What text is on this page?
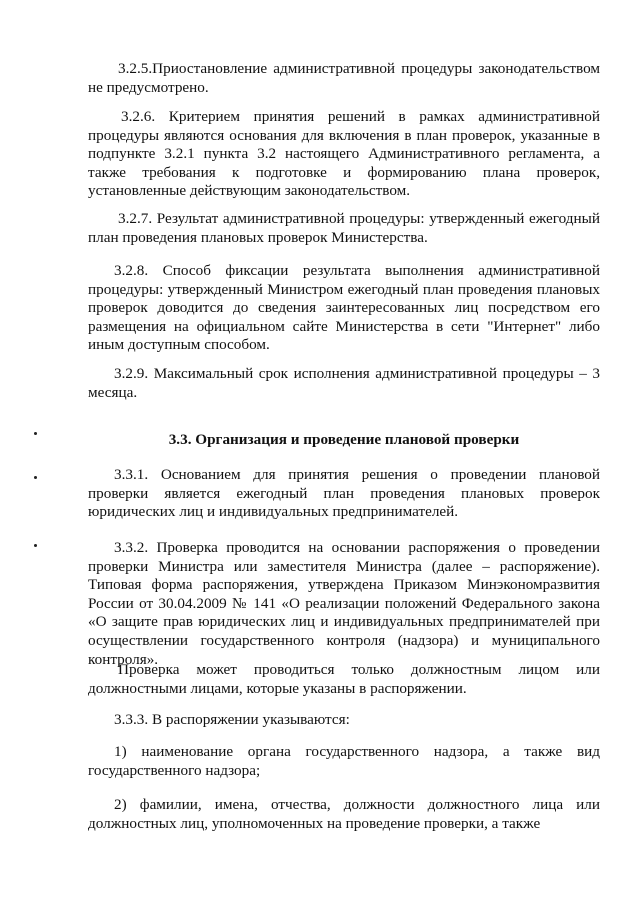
3.2.5.Приостановление административной процедуры законодательством не предусмотрено.

3.2.6. Критерием принятия решений в рамках административной процедуры являются основания для включения в план проверок, указанные в подпункте 3.2.1 пункта 3.2 настоящего Административного регламента, а также требования к подготовке и формированию плана проверок, установленные действующим законодательством.

3.2.7. Результат административной процедуры: утвержденный ежегодный план проведения плановых проверок Министерства.

3.2.8. Способ фиксации результата выполнения административной процедуры: утвержденный Министром ежегодный план проведения плановых проверок доводится до сведения заинтересованных лиц посредством его размещения на официальном сайте Министерства в сети "Интернет" либо иным доступным способом.

3.2.9. Максимальный срок исполнения административной процедуры – 3 месяца.

3.3. Организация и проведение плановой проверки

3.3.1. Основанием для принятия решения о проведении плановой проверки является ежегодный план проведения плановых проверок юридических лиц и индивидуальных предпринимателей.

3.3.2. Проверка проводится на основании распоряжения о проведении проверки Министра или заместителя Министра (далее – распоряжение). Типовая форма распоряжения, утверждена Приказом Минэкономразвития России от 30.04.2009 № 141 «О реализации положений Федерального закона «О защите прав юридических лиц и индивидуальных предпринимателей при осуществлении государственного контроля (надзора) и муниципального контроля».

Проверка может проводиться только должностным лицом или должностными лицами, которые указаны в распоряжении.

3.3.3. В распоряжении указываются:

1) наименование органа государственного надзора, а также вид государственного надзора;

2) фамилии, имена, отчества, должности должностного лица или должностных лиц, уполномоченных на проведение проверки, а также
